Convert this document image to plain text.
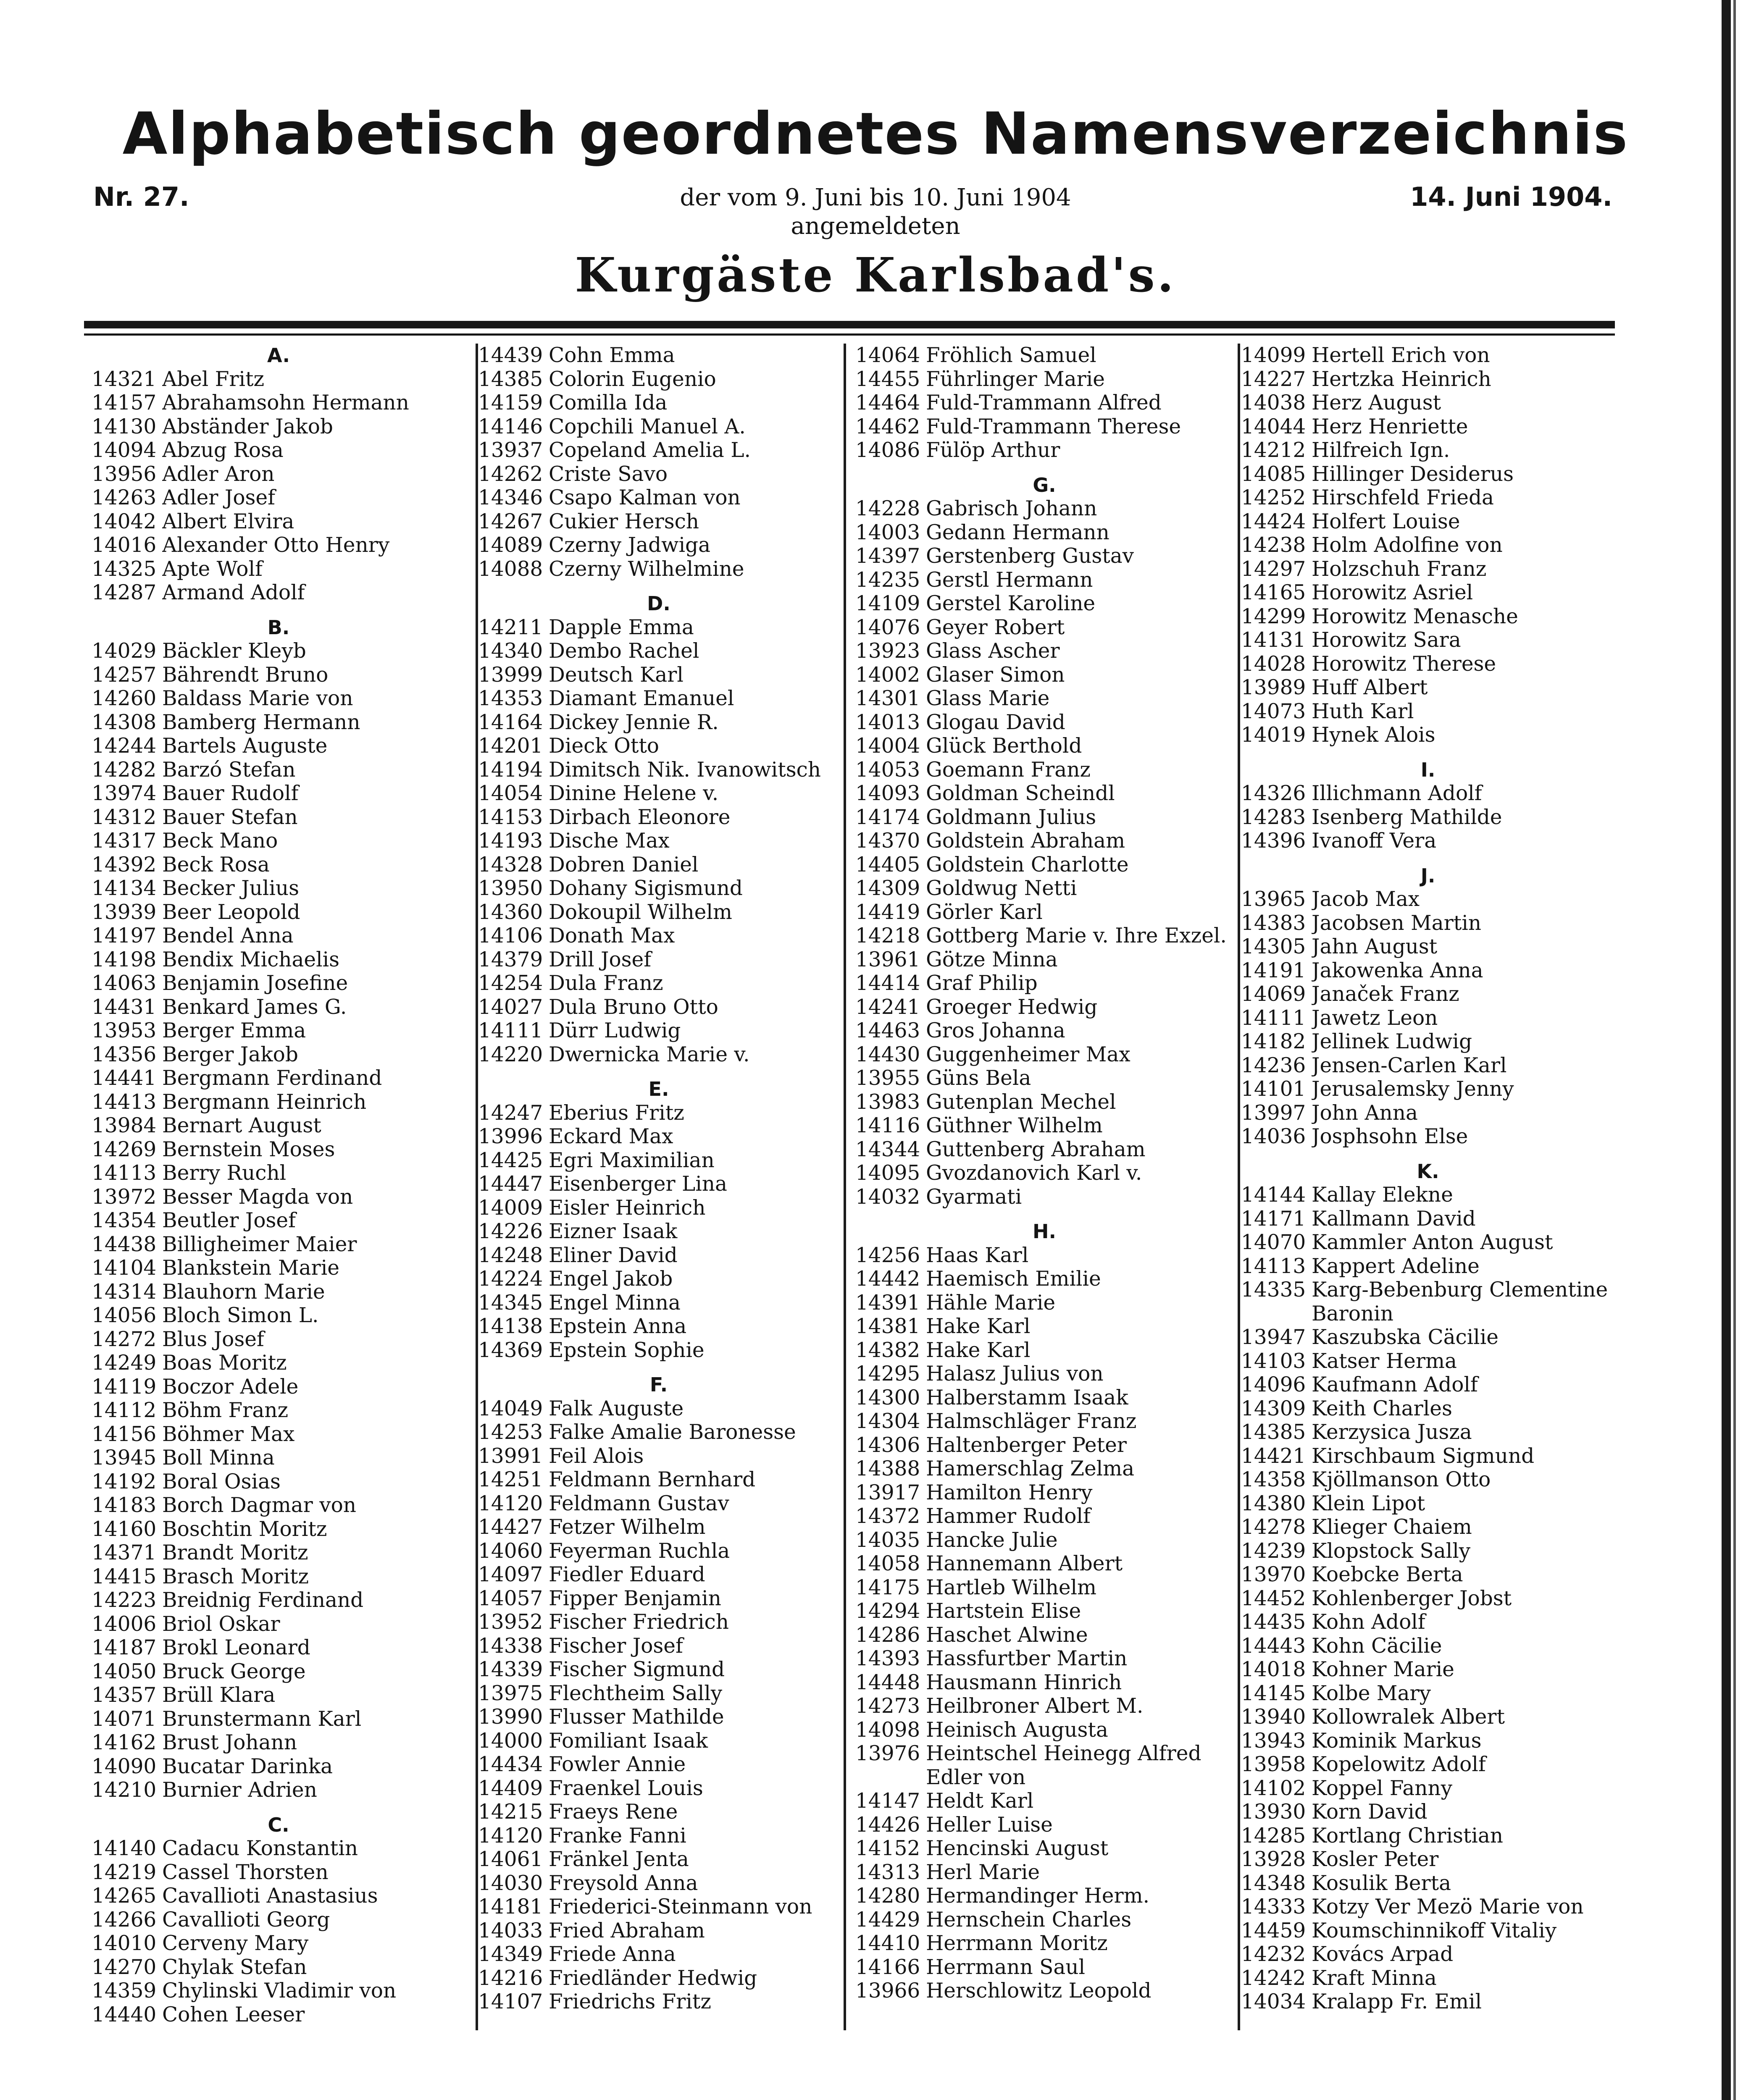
Alphabetisch geordnetes Namensverzeichnis
Nr. 27.	der vom 9. Juni bis 10. Juni 1904	14. Juni 1904.
angemeldeten
Kurgäste Karlsbad's.
A.
14321 Abel Fritz
14157 Abrahamsohn Hermann
14130 Abständer Jakob
14094 Abzug Rosa
13956 Adler Aron
14263 Adler Josef
14042 Albert Elvira
14016 Alexander Otto Henry
14325 Apte Wolf
14287 Armand Adolf
B.
14029 Bäckler Kleyb
14257 Bährendt Bruno
14260 Baldass Marie von
14308 Bamberg Hermann
14244 Bartels Auguste
14282 Barzó Stefan
13974 Bauer Rudolf
14312 Bauer Stefan
14317 Beck Mano
14392 Beck Rosa
14134 Becker Julius
13939 Beer Leopold
14197 Bendel Anna
14198 Bendix Michaelis
14063 Benjamin Josefine
14431 Benkard James G.
13953 Berger Emma
14356 Berger Jakob
14441 Bergmann Ferdinand
14413 Bergmann Heinrich
13984 Bernart August
14269 Bernstein Moses
14113 Berry Ruchl
13972 Besser Magda von
14354 Beutler Josef
14438 Billigheimer Maier
14104 Blankstein Marie
14314 Blauhorn Marie
14056 Bloch Simon L.
14272 Blus Josef
14249 Boas Moritz
14119 Boczor Adele
14112 Böhm Franz
14156 Böhmer Max
13945 Boll Minna
14192 Boral Osias
14183 Borch Dagmar von
14160 Boschtin Moritz
14371 Brandt Moritz
14415 Brasch Moritz
14223 Breidnig Ferdinand
14006 Briol Oskar
14187 Brokl Leonard
14050 Bruck George
14357 Brüll Klara
14071 Brunstermann Karl
14162 Brust Johann
14090 Bucatar Darinka
14210 Burnier Adrien
C.
14140 Cadacu Konstantin
14219 Cassel Thorsten
14265 Cavallioti Anastasius
14266 Cavallioti Georg
14010 Cerveny Mary
14270 Chylak Stefan
14359 Chylinski Vladimir von
14440 Cohen Leeser
14439 Cohn Emma
14385 Colorin Eugenio
14159 Comilla Ida
14146 Copchili Manuel A.
13937 Copeland Amelia L.
14262 Criste Savo
14346 Csapo Kalman von
14267 Cukier Hersch
14089 Czerny Jadwiga
14088 Czerny Wilhelmine
D.
14211 Dapple Emma
14340 Dembo Rachel
13999 Deutsch Karl
14353 Diamant Emanuel
14164 Dickey Jennie R.
14201 Dieck Otto
14194 Dimitsch Nik. Ivanowitsch
14054 Dinine Helene v.
14153 Dirbach Eleonore
14193 Dische Max
14328 Dobren Daniel
13950 Dohany Sigismund
14360 Dokoupil Wilhelm
14106 Donath Max
14379 Drill Josef
14254 Dula Franz
14027 Dula Bruno Otto
14111 Dürr Ludwig
14220 Dwernicka Marie v.
E.
14247 Eberius Fritz
13996 Eckard Max
14425 Egri Maximilian
14447 Eisenberger Lina
14009 Eisler Heinrich
14226 Eizner Isaak
14248 Eliner David
14224 Engel Jakob
14345 Engel Minna
14138 Epstein Anna
14369 Epstein Sophie
F.
14049 Falk Auguste
14253 Falke Amalie Baronesse
13991 Feil Alois
14251 Feldmann Bernhard
14120 Feldmann Gustav
14427 Fetzer Wilhelm
14060 Feyerman Ruchla
14097 Fiedler Eduard
14057 Fipper Benjamin
13952 Fischer Friedrich
14338 Fischer Josef
14339 Fischer Sigmund
13975 Flechtheim Sally
13990 Flusser Mathilde
14000 Fomiliant Isaak
14434 Fowler Annie
14409 Fraenkel Louis
14215 Fraeys Rene
14120 Franke Fanni
14061 Fränkel Jenta
14030 Freysold Anna
14181 Friederici-Steinmann von
14033 Fried Abraham
14349 Friede Anna
14216 Friedländer Hedwig
14107 Friedrichs Fritz
14064 Fröhlich Samuel
14455 Führlinger Marie
14464 Fuld-Trammann Alfred
14462 Fuld-Trammann Therese
14086 Fülöp Arthur
G.
14228 Gabrisch Johann
14003 Gedann Hermann
14397 Gerstenberg Gustav
14235 Gerstl Hermann
14109 Gerstel Karoline
14076 Geyer Robert
13923 Glass Ascher
14002 Glaser Simon
14301 Glass Marie
14013 Glogau David
14004 Glück Berthold
14053 Goemann Franz
14093 Goldman Scheindl
14174 Goldmann Julius
14370 Goldstein Abraham
14405 Goldstein Charlotte
14309 Goldwug Netti
14419 Görler Karl
14218 Gottberg Marie v. Ihre Exzel.
13961 Götze Minna
14414 Graf Philip
14241 Groeger Hedwig
14463 Gros Johanna
14430 Guggenheimer Max
13955 Güns Bela
13983 Gutenplan Mechel
14116 Güthner Wilhelm
14344 Guttenberg Abraham
14095 Gvozdanovich Karl v.
14032 Gyarmati
H.
14256 Haas Karl
14442 Haemisch Emilie
14391 Hähle Marie
14381 Hake Karl
14382 Hake Karl
14295 Halasz Julius von
14300 Halberstamm Isaak
14304 Halmschläger Franz
14306 Haltenberger Peter
14388 Hamerschlag Zelma
13917 Hamilton Henry
14372 Hammer Rudolf
14035 Hancke Julie
14058 Hannemann Albert
14175 Hartleb Wilhelm
14294 Hartstein Elise
14286 Haschet Alwine
14393 Hassfurtber Martin
14448 Hausmann Hinrich
14273 Heilbroner Albert M.
14098 Heinisch Augusta
13976 Heintschel Heinegg Alfred
Edler von
14147 Heldt Karl
14426 Heller Luise
14152 Hencinski August
14313 Herl Marie
14280 Hermandinger Herm.
14429 Hernschein Charles
14410 Herrmann Moritz
14166 Herrmann Saul
13966 Herschlowitz Leopold
14099 Hertell Erich von
14227 Hertzka Heinrich
14038 Herz August
14044 Herz Henriette
14212 Hilfreich Ign.
14085 Hillinger Desiderus
14252 Hirschfeld Frieda
14424 Holfert Louise
14238 Holm Adolfine von
14297 Holzschuh Franz
14165 Horowitz Asriel
14299 Horowitz Menasche
14131 Horowitz Sara
14028 Horowitz Therese
13989 Huff Albert
14073 Huth Karl
14019 Hynek Alois
I.
14326 Illichmann Adolf
14283 Isenberg Mathilde
14396 Ivanoff Vera
J.
13965 Jacob Max
14383 Jacobsen Martin
14305 Jahn August
14191 Jakowenka Anna
14069 Janaček Franz
14111 Jawetz Leon
14182 Jellinek Ludwig
14236 Jensen-Carlen Karl
14101 Jerusalemsky Jenny
13997 John Anna
14036 Josphsohn Else
K.
14144 Kallay Elekne
14171 Kallmann David
14070 Kammler Anton August
14113 Kappert Adeline
14335 Karg-Bebenburg Clementine
Baronin
13947 Kaszubska Cäcilie
14103 Katser Herma
14096 Kaufmann Adolf
14309 Keith Charles
14385 Kerzysica Jusza
14421 Kirschbaum Sigmund
14358 Kjöllmanson Otto
14380 Klein Lipot
14278 Klieger Chaiem
14239 Klopstock Sally
13970 Koebcke Berta
14452 Kohlenberger Jobst
14435 Kohn Adolf
14443 Kohn Cäcilie
14018 Kohner Marie
14145 Kolbe Mary
13940 Kollowralek Albert
13943 Kominik Markus
13958 Kopelowitz Adolf
14102 Koppel Fanny
13930 Korn David
14285 Kortlang Christian
13928 Kosler Peter
14348 Kosulik Berta
14333 Kotzy Ver Mezö Marie von
14459 Koumschinnikoff Vitaliy
14232 Kovács Arpad
14242 Kraft Minna
14034 Kralapp Fr. Emil
